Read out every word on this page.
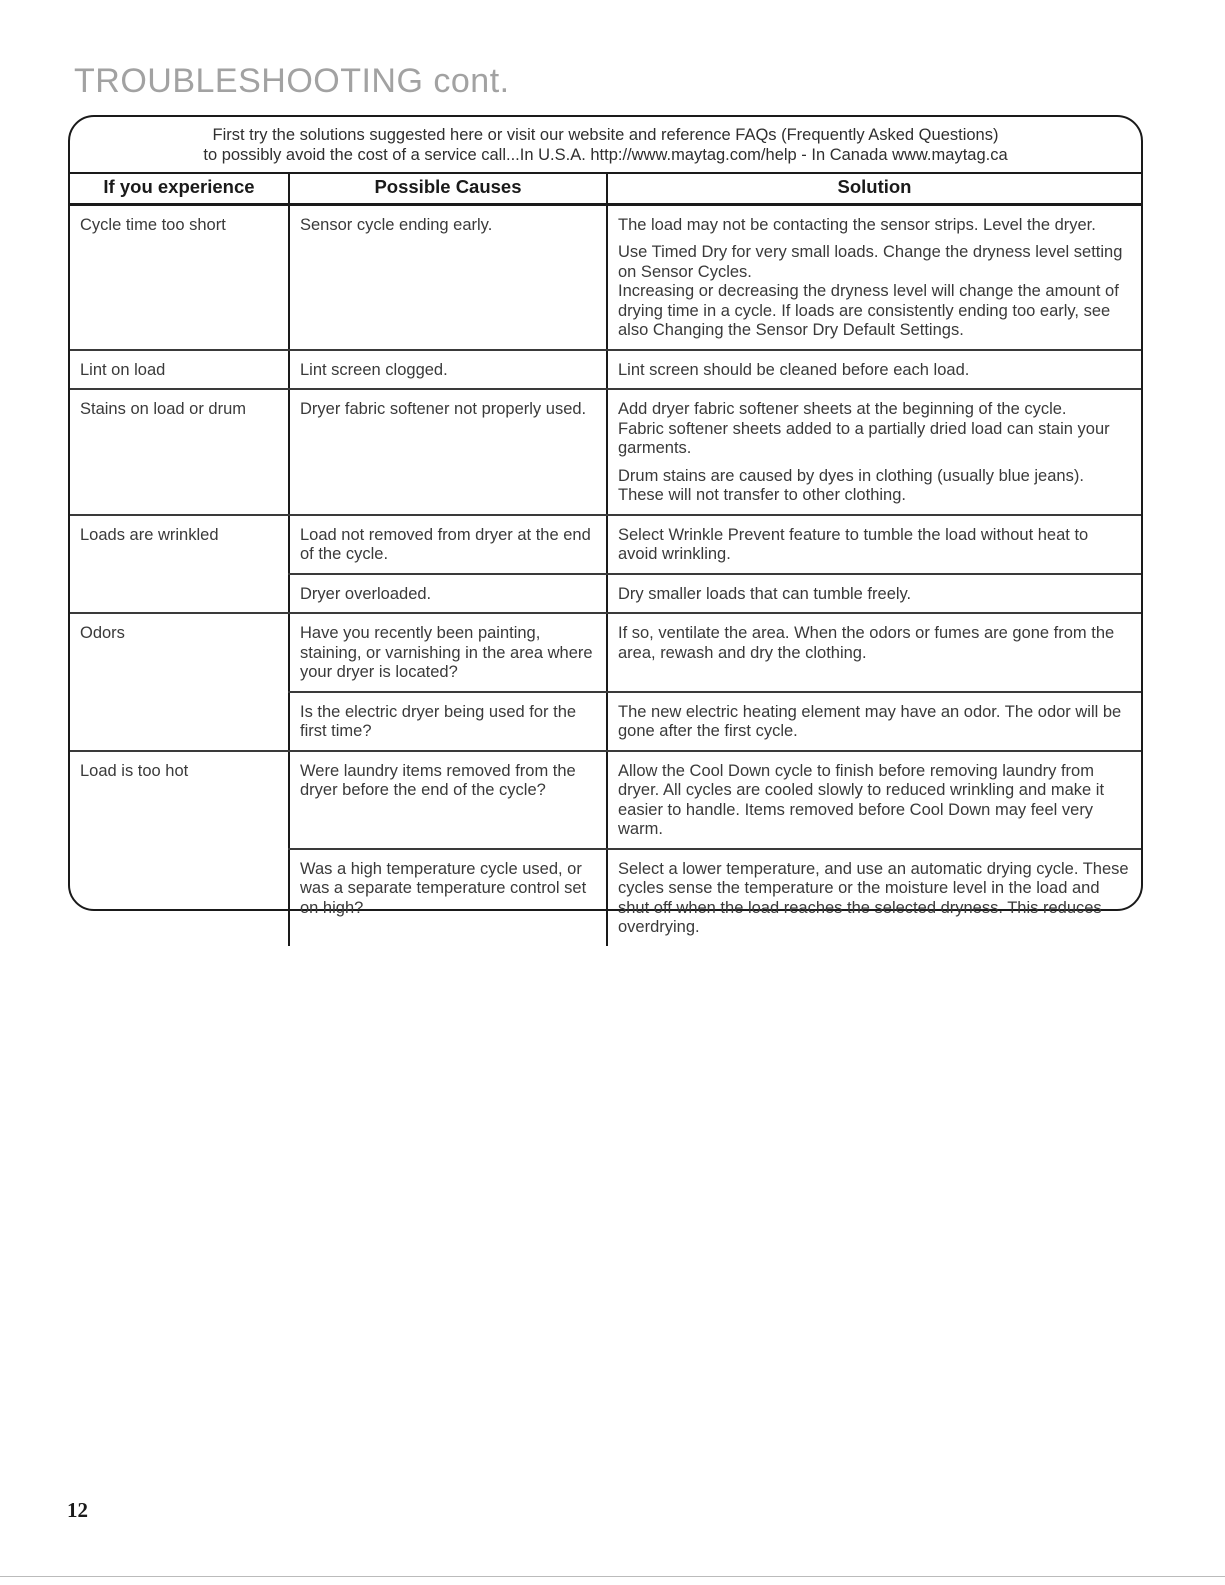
TROUBLESHOOTING cont.

First try the solutions suggested here or visit our website and reference FAQs (Frequently Asked Questions)

to possibly avoid the cost of a service call...In U.S.A. http://www.maytag.com/help - In Canada www.maytag.ca

If you experience	Possible Causes	Solution
Cycle time too short	Sensor cycle ending early.	The load may not be contacting the sensor strips. Level the dryer.

Use Timed Dry for very small loads. Change the dryness level setting on Sensor Cycles.

Increasing or decreasing the dryness level will change the amount of drying time in a cycle. If loads are consistently ending too early, see also Changing the Sensor Dry Default Settings.

Lint on load	Lint screen clogged.	Lint screen should be cleaned before each load.

Stains on load or drum	Dryer fabric softener not properly used.	Add dryer fabric softener sheets at the beginning of the cycle.

Fabric softener sheets added to a partially dried load can stain your garments.

Drum stains are caused by dyes in clothing (usually blue jeans). These will not transfer to other clothing.

Loads are wrinkled	Load not removed from dryer at the end of the cycle.	Select Wrinkle Prevent feature to tumble the load without heat to avoid wrinkling.

	Dryer overloaded.	Dry smaller loads that can tumble freely.

Odors	Have you recently been painting, staining, or varnishing in the area where your dryer is located?	If so, ventilate the area. When the odors or fumes are gone from the area, rewash and dry the clothing.

	Is the electric dryer being used for the first time?	The new electric heating element may have an odor. The odor will be gone after the first cycle.

Load is too hot	Were laundry items removed from the dryer before the end of the cycle?	Allow the Cool Down cycle to finish before removing laundry from dryer. All cycles are cooled slowly to reduced wrinkling and make it easier to handle. Items removed before Cool Down may feel very warm.

	Was a high temperature cycle used, or was a separate temperature control set on high?	Select a lower temperature, and use an automatic drying cycle. These cycles sense the temperature or the moisture level in the load and shut off when the load reaches the selected dryness. This reduces overdrying.

12
